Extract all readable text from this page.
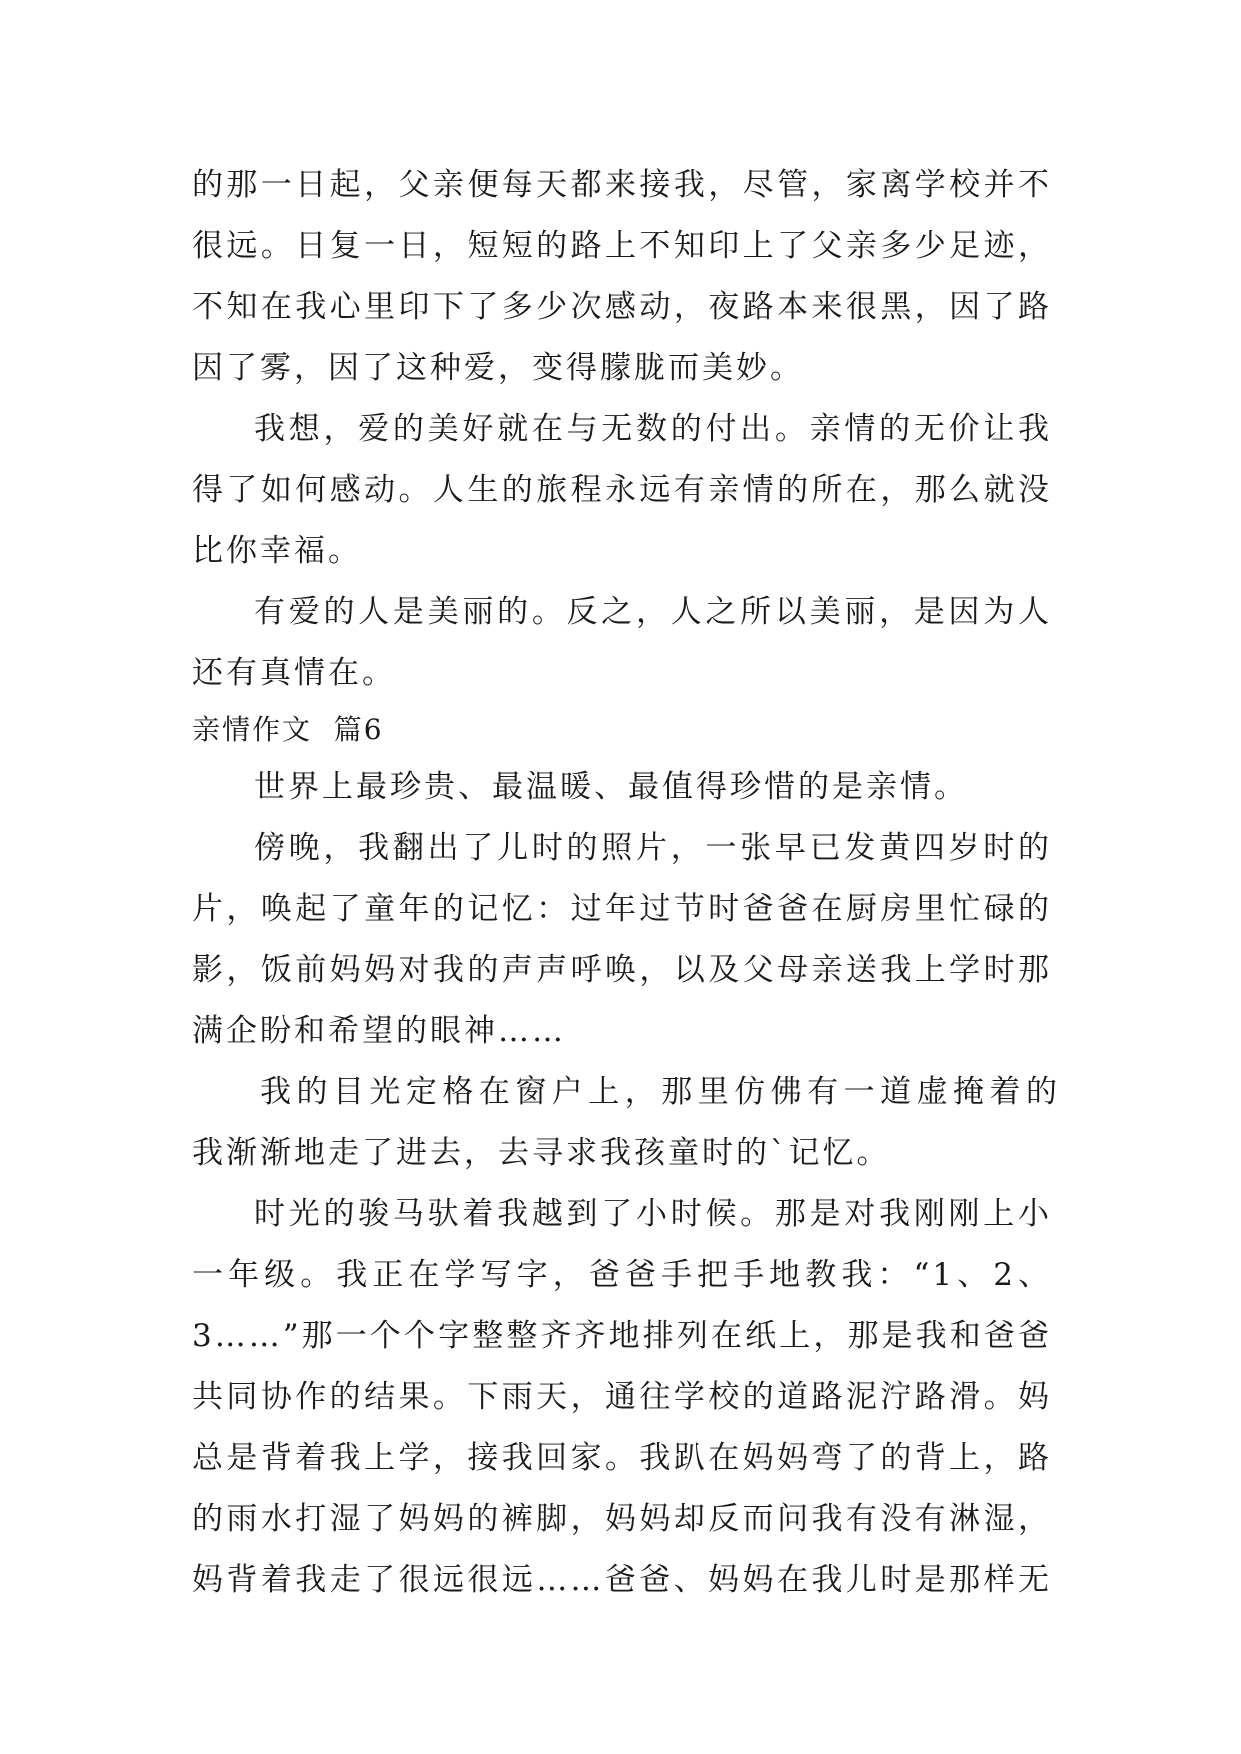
的那一日起，父亲便每天都来接我，尽管，家离学校并不
很远。日复一日，短短的路上不知印上了父亲多少足迹，
不知在我心里印下了多少次感动，夜路本来很黑，因了路
因了雾，因了这种爱，变得朦胧而美妙。
我想，爱的美好就在与无数的付出。亲情的无价让我
得了如何感动。人生的旅程永远有亲情的所在，那么就没
比你幸福。
有爱的人是美丽的。反之，人之所以美丽，是因为人
还有真情在。
亲情作文  篇6
世界上最珍贵、最温暖、最值得珍惜的是亲情。
傍晚，我翻出了儿时的照片，一张早已发黄四岁时的
片，唤起了童年的记忆：过年过节时爸爸在厨房里忙碌的
影，饭前妈妈对我的声声呼唤，以及父母亲送我上学时那
满企盼和希望的眼神……
我的目光定格在窗户上，那里仿佛有一道虚掩着的
我渐渐地走了进去，去寻求我孩童时的`记忆。
时光的骏马驮着我越到了小时候。那是对我刚刚上小
一年级。我正在学写字，爸爸手把手地教我：“1、2、
3……”那一个个字整整齐齐地排列在纸上，那是我和爸爸
共同协作的结果。下雨天，通往学校的道路泥泞路滑。妈
总是背着我上学，接我回家。我趴在妈妈弯了的背上，路
的雨水打湿了妈妈的裤脚，妈妈却反而问我有没有淋湿，
妈背着我走了很远很远……爸爸、妈妈在我儿时是那样无
